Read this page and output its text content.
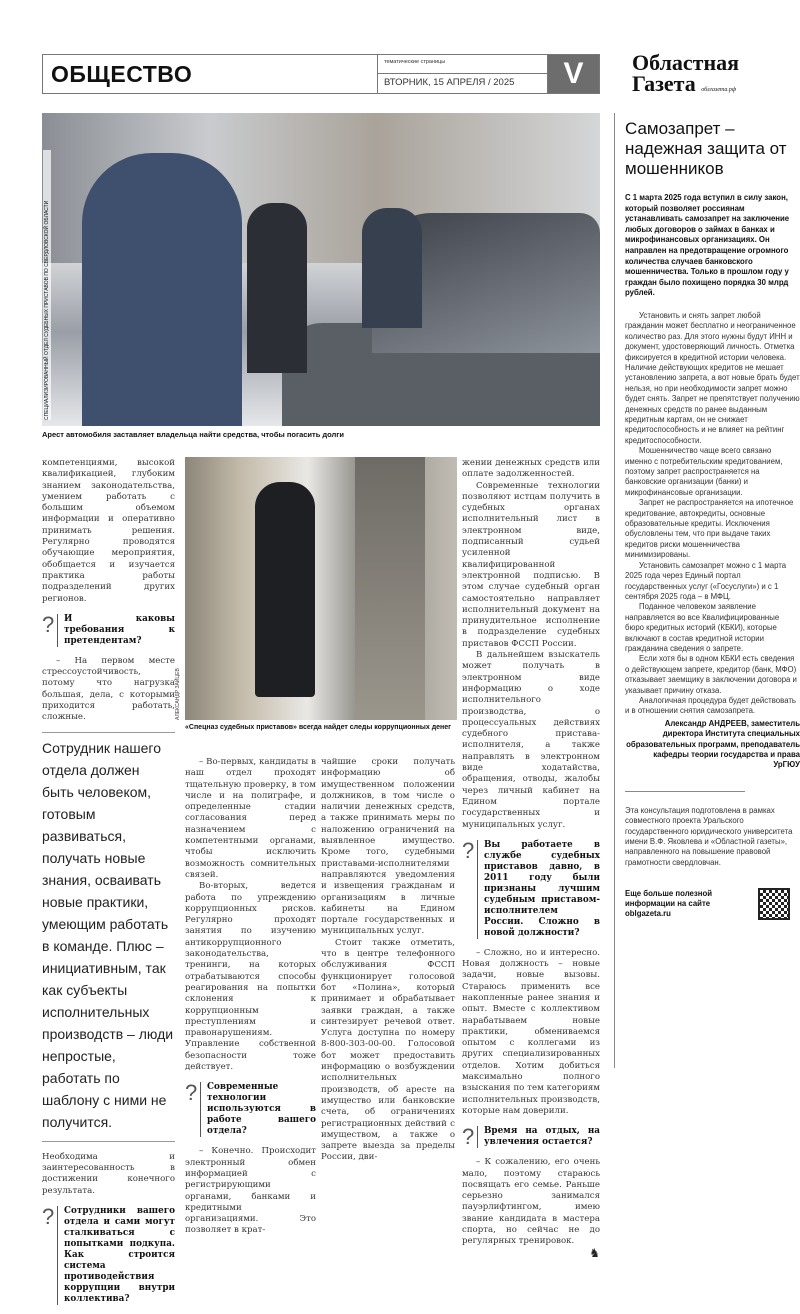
ОБЩЕСТВО	тематические страницы
ВТОРНИК, 15 АПРЕЛЯ / 2025	V	Областная
Газета облгазета.рф
СПЕЦИАЛИЗИРОВАННЫЙ ОТДЕЛ СУДЕБНЫХ ПРИСТАВОВ ПО СВЕРДЛОВСКОЙ ОБЛАСТИ
Арест автомобиля заставляет владельца найти средства, чтобы погасить долги
АЛЕКСАНДР ЗАЙЦЕВ
«Спецназ судебных приставов» всегда найдет следы коррупционных денег

компетенциями, высокой квалификацией, глубоким знанием законодательства, умением работать с большим объемом информации и оперативно принимать решения. Регулярно проводятся обучающие мероприятия, обобщается и изучается практика работы подразделений других регионов.

?	И каковы требования к претендентам?

– На первом месте стрессоустойчивость, потому что нагрузка большая, дела, с которыми приходится работать, сложные.

Сотрудник нашего отдела должен быть человеком, готовым развиваться, получать новые знания, осваивать новые практики, умеющим работать в команде. Плюс – инициативным, так как субъекты исполнительных производств – люди непростые, работать по шаблону с ними не получится.

Необходима и заинтересованность в достижении конечного результата.

?	Сотрудники вашего отдела и сами могут сталкиваться с попытками подкупа. Как строится система противодействия коррупции внутри коллектива?

– Во-первых, кандидаты в наш отдел проходят тщательную проверку, в том числе и на полиграфе, и определенные стадии согласования перед назначением с компетентными органами, чтобы исключить возможность сомнительных связей.

Во-вторых, ведется работа по упреждению коррупционных рисков. Регулярно проходят занятия по изучению антикоррупционного законодательства, тренинги, на которых отрабатываются способы реагирования на попытки склонения к коррупционным преступлениям и правонарушениям. Управление собственной безопасности тоже действует.

?	Современные технологии используются в работе вашего отдела?

– Конечно. Происходит электронный обмен информацией с регистрирующими органами, банками и кредитными организациями. Это позволяет в крат-

чайшие сроки получать информацию об имущественном положении должников, в том числе о наличии денежных средств, а также принимать меры по наложению ограничений на выявленное имущество. Кроме того, судебными приставами-исполнителями направляются уведомления и извещения гражданам и организациям в личные кабинеты на Едином портале государственных и муниципальных услуг.

Стоит также отметить, что в центре телефонного обслуживания ФССП функционирует голосовой бот «Полина», который принимает и обрабатывает заявки граждан, а также синтезирует речевой ответ. Услуга доступна по номеру 8-800-303-00-00. Голосовой бот может предоставить информацию о возбуждении исполнительных производств, об аресте на имущество или банковские счета, об ограничениях регистрационных действий с имуществом, а также о запрете выезда за пределы России, дви-

жении денежных средств или оплате задолженностей.

Современные технологии позволяют истцам получить в судебных органах исполнительный лист в электронном виде, подписанный судьей усиленной квалифицированной электронной подписью. В этом случае судебный орган самостоятельно направляет исполнительный документ на принудительное исполнение в подразделение судебных приставов ФССП России.

В дальнейшем взыскатель может получать в электронном виде информацию о ходе исполнительного производства, о процессуальных действиях судебного пристава-исполнителя, а также направлять в электронном виде ходатайства, обращения, отводы, жалобы через личный кабинет на Едином портале государственных и муниципальных услуг.

?	Вы работаете в службе судебных приставов давно, в 2011 году были признаны лучшим судебным приставом-исполнителем России. Сложно в новой должности?

– Сложно, но и интересно. Новая должность – новые задачи, новые вызовы. Стараюсь применить все накопленные ранее знания и опыт. Вместе с коллективом нарабатываем новые практики, обмениваемся опытом с коллегами из других специализированных отделов. Хотим добиться максимально полного взыскания по тем категориям исполнительных производств, которые нам доверили.

?	Время на отдых, на увлечения остается?

– К сожалению, его очень мало, поэтому стараюсь посвящать его семье. Раньше серьезно занимался пауэрлифтингом, имею звание кандидата в мастера спорта, но сейчас не до регулярных тренировок.

♞
Самозапрет – надежная защита от мошенников
С 1 марта 2025 года вступил в силу закон, который позволяет россиянам устанавливать самозапрет на заключение любых договоров о займах в банках и микрофинансовых организациях. Он направлен на предотвращение огромного количества случаев банковского мошенничества. Только в прошлом году у граждан было похищено порядка 30 млрд рублей.

Установить и снять запрет любой гражданин может бесплатно и неограниченное количество раз. Для этого нужны будут ИНН и документ, удостоверяющий личность. Отметка фиксируется в кредитной истории человека. Наличие действующих кредитов не мешает установлению запрета, а вот новые брать будет нельзя, но при необходимости запрет можно будет снять. Запрет не препятствует получению денежных средств по ранее выданным кредитным картам, он не снижает кредитоспособность и не влияет на рейтинг кредитоспособности.

Мошенничество чаще всего связано именно с потребительским кредитованием, поэтому запрет распространяется на банковские организации (банки) и микрофинансовые организации.

Запрет не распространяется на ипотечное кредитование, автокредиты, основные образовательные кредиты. Исключения обусловлены тем, что при выдаче таких кредитов риски мошенничества минимизированы.

Установить самозапрет можно с 1 марта 2025 года через Единый портал государственных услуг («Госуслуги») и с 1 сентября 2025 года – в МФЦ.

Поданное человеком заявление направляется во все Квалифицированные бюро кредитных историй (КБКИ), которые включают в состав кредитной истории гражданина сведения о запрете.

Если хотя бы в одном КБКИ есть сведения о действующем запрете, кредитор (банк, МФО) отказывает заемщику в заключении договора и указывает причину отказа.

Аналогичная процедура будет действовать и в отношении снятия самозапрета.

Александр АНДРЕЕВ, заместитель директора Института специальных образовательных программ, преподаватель кафедры теории государства и права УрГЮУ
Эта консультация подготовлена в рамках совместного проекта Уральского государственного юридического университета имени В.Ф. Яковлева и «Областной газеты», направленного на повышение правовой грамотности свердловчан.
Еще больше полезной информации на сайте oblgazeta.ru
